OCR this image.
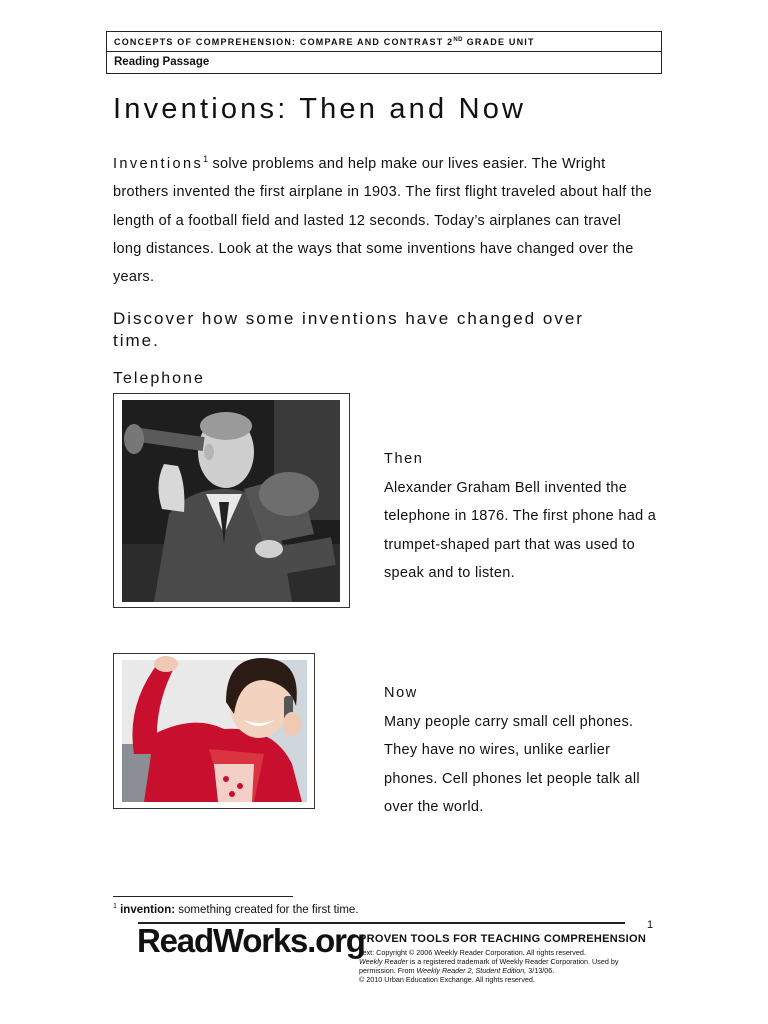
CONCEPTS OF COMPREHENSION: COMPARE AND CONTRAST 2ND GRADE UNIT
Reading Passage
Inventions: Then and Now

Inventions$^1$ solve problems and help make our lives easier. The Wright brothers invented the first airplane in 1903. The first flight traveled about half the length of a football field and lasted 12 seconds. Today’s airplanes can travel long distances. Look at the ways that some inventions have changed over the years.

Discover how some inventions have changed over time.
Telephone
Then
Alexander Graham Bell invented the telephone in 1876. The first phone had a trumpet-shaped part that was used to speak and to listen.
Now
Many people carry small cell phones. They have no wires, unlike earlier phones. Cell phones let people talk all over the world.
$^1$ invention: something created for the first time.
1
ReadWorks.org
PROVEN TOOLS FOR TEACHING COMPREHENSION
Text: Copyright © 2006 Weekly Reader Corporation. All rights reserved.
Weekly Reader is a registered trademark of Weekly Reader Corporation. Used by permission. From Weekly Reader 2, Student Edition, 3/13/06.
© 2010 Urban Education Exchange. All rights reserved.
